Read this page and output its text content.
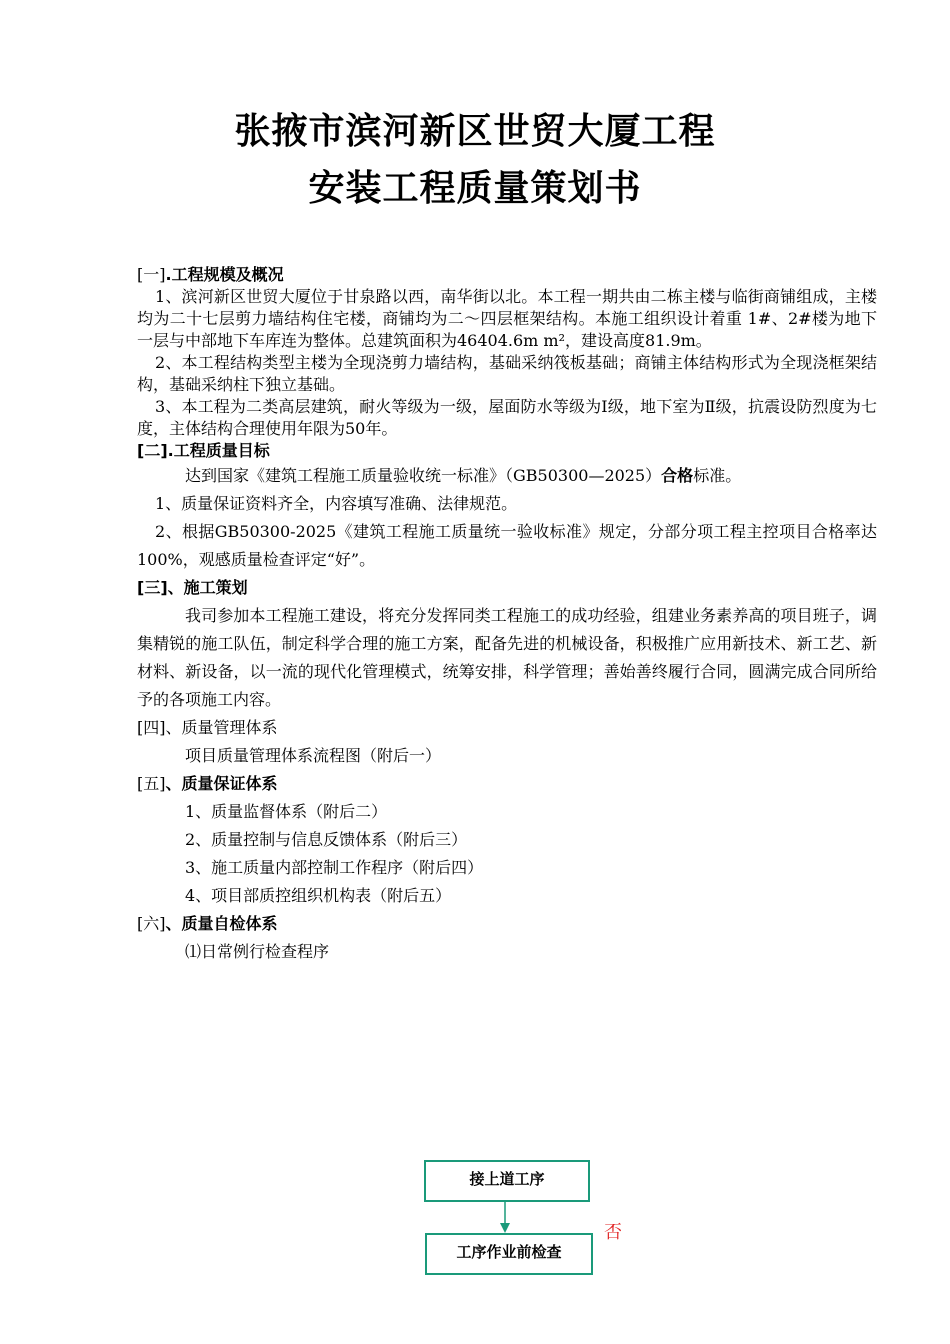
张掖市滨河新区世贸大厦工程
安装工程质量策划书
[一].工程规模及概况
1、滨河新区世贸大厦位于甘泉路以西，南华街以北。本工程一期共由二栋主楼与临街商铺组成，主楼均为二十七层剪力墙结构住宅楼，商铺均为二～四层框架结构。本施工组织设计着重 1#、2#楼为地下一层与中部地下车库连为整体。总建筑面积为46404.6m m²，建设高度81.9m。
2、本工程结构类型主楼为全现浇剪力墙结构，基础采纳筏板基础；商铺主体结构形式为全现浇框架结构，基础采纳柱下独立基础。
3、本工程为二类高层建筑，耐火等级为一级，屋面防水等级为Ⅰ级，地下室为Ⅱ级，抗震设防烈度为七度，主体结构合理使用年限为50年。
[二].工程质量目标
达到国家《建筑工程施工质量验收统一标准》（GB50300—2025）合格标准。
1、质量保证资料齐全，内容填写准确、法律规范。
2、根据GB50300-2025《建筑工程施工质量统一验收标准》规定，分部分项工程主控项目合格率达100%，观感质量检查评定“好”。
[三]、施工策划
我司参加本工程施工建设，将充分发挥同类工程施工的成功经验，组建业务素养高的项目班子，调集精锐的施工队伍，制定科学合理的施工方案，配备先进的机械设备，积极推广应用新技术、新工艺、新材料、新设备，以一流的现代化管理模式，统筹安排，科学管理；善始善终履行合同，圆满完成合同所给予的各项施工内容。
[四]、质量管理体系
项目质量管理体系流程图（附后一）
[五]、质量保证体系
1、质量监督体系（附后二）
2、质量控制与信息反馈体系（附后三）
3、施工质量内部控制工作程序（附后四）
4、项目部质控组织机构表（附后五）
[六]、质量自检体系
⑴日常例行检查程序
接上道工序
工序作业前检查
否
